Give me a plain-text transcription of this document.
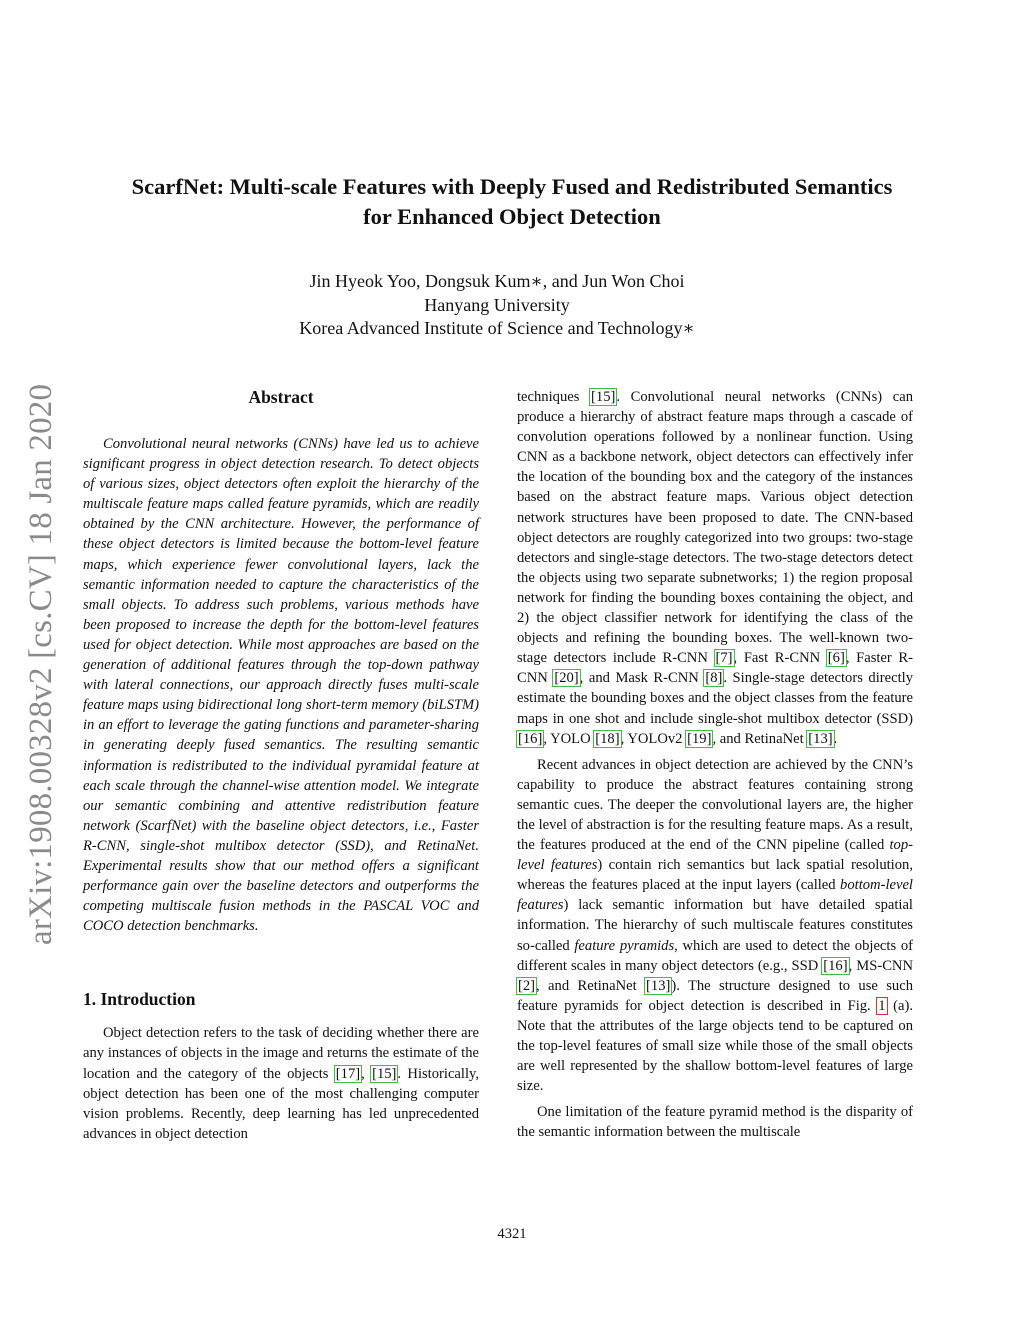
arXiv:1908.00328v2 [cs.CV] 18 Jan 2020
ScarfNet: Multi-scale Features with Deeply Fused and Redistributed Semantics
for Enhanced Object Detection
Jin Hyeok Yoo, Dongsuk Kum∗, and Jun Won Choi
Hanyang University
Korea Advanced Institute of Science and Technology∗
Abstract

Convolutional neural networks (CNNs) have led us to achieve significant progress in object detection research. To detect objects of various sizes, object detectors often exploit the hierarchy of the multiscale feature maps called feature pyramids, which are readily obtained by the CNN architecture. However, the performance of these object detectors is limited because the bottom-level feature maps, which experience fewer convolutional layers, lack the semantic information needed to capture the characteristics of the small objects. To address such problems, various methods have been proposed to increase the depth for the bottom-level features used for object detection. While most approaches are based on the generation of additional features through the top-down pathway with lateral connections, our approach directly fuses multi-scale feature maps using bidirectional long short-term memory (biLSTM) in an effort to leverage the gating functions and parameter-sharing in generating deeply fused semantics. The resulting semantic information is redistributed to the individual pyramidal feature at each scale through the channel-wise attention model. We integrate our semantic combining and attentive redistribution feature network (ScarfNet) with the baseline object detectors, i.e., Faster R-CNN, single-shot multibox detector (SSD), and RetinaNet. Experimental results show that our method offers a significant performance gain over the baseline detectors and outperforms the competing multiscale fusion methods in the PASCAL VOC and COCO detection benchmarks.

1. Introduction

Object detection refers to the task of deciding whether there are any instances of objects in the image and returns the estimate of the location and the category of the objects [17], [15]. Historically, object detection has been one of the most challenging computer vision problems. Recently, deep learning has led unprecedented advances in object detection

techniques [15]. Convolutional neural networks (CNNs) can produce a hierarchy of abstract feature maps through a cascade of convolution operations followed by a nonlinear function. Using CNN as a backbone network, object detectors can effectively infer the location of the bounding box and the category of the instances based on the abstract feature maps. Various object detection network structures have been proposed to date. The CNN-based object detectors are roughly categorized into two groups: two-stage detectors and single-stage detectors. The two-stage detectors detect the objects using two separate subnetworks; 1) the region proposal network for finding the bounding boxes containing the object, and 2) the object classifier network for identifying the class of the objects and refining the bounding boxes. The well-known two-stage detectors include R-CNN [7], Fast R-CNN [6], Faster R-CNN [20], and Mask R-CNN [8]. Single-stage detectors directly estimate the bounding boxes and the object classes from the feature maps in one shot and include single-shot multibox detector (SSD) [16], YOLO [18], YOLOv2 [19], and RetinaNet [13].

Recent advances in object detection are achieved by the CNN’s capability to produce the abstract features containing strong semantic cues. The deeper the convolutional layers are, the higher the level of abstraction is for the resulting feature maps. As a result, the features produced at the end of the CNN pipeline (called top-level features) contain rich semantics but lack spatial resolution, whereas the features placed at the input layers (called bottom-level features) lack semantic information but have detailed spatial information. The hierarchy of such multiscale features constitutes so-called feature pyramids, which are used to detect the objects of different scales in many object detectors (e.g., SSD [16], MS-CNN [2], and RetinaNet [13]). The structure designed to use such feature pyramids for object detection is described in Fig. 1 (a). Note that the attributes of the large objects tend to be captured on the top-level features of small size while those of the small objects are well represented by the shallow bottom-level features of large size.

One limitation of the feature pyramid method is the disparity of the semantic information between the multiscale

4321
